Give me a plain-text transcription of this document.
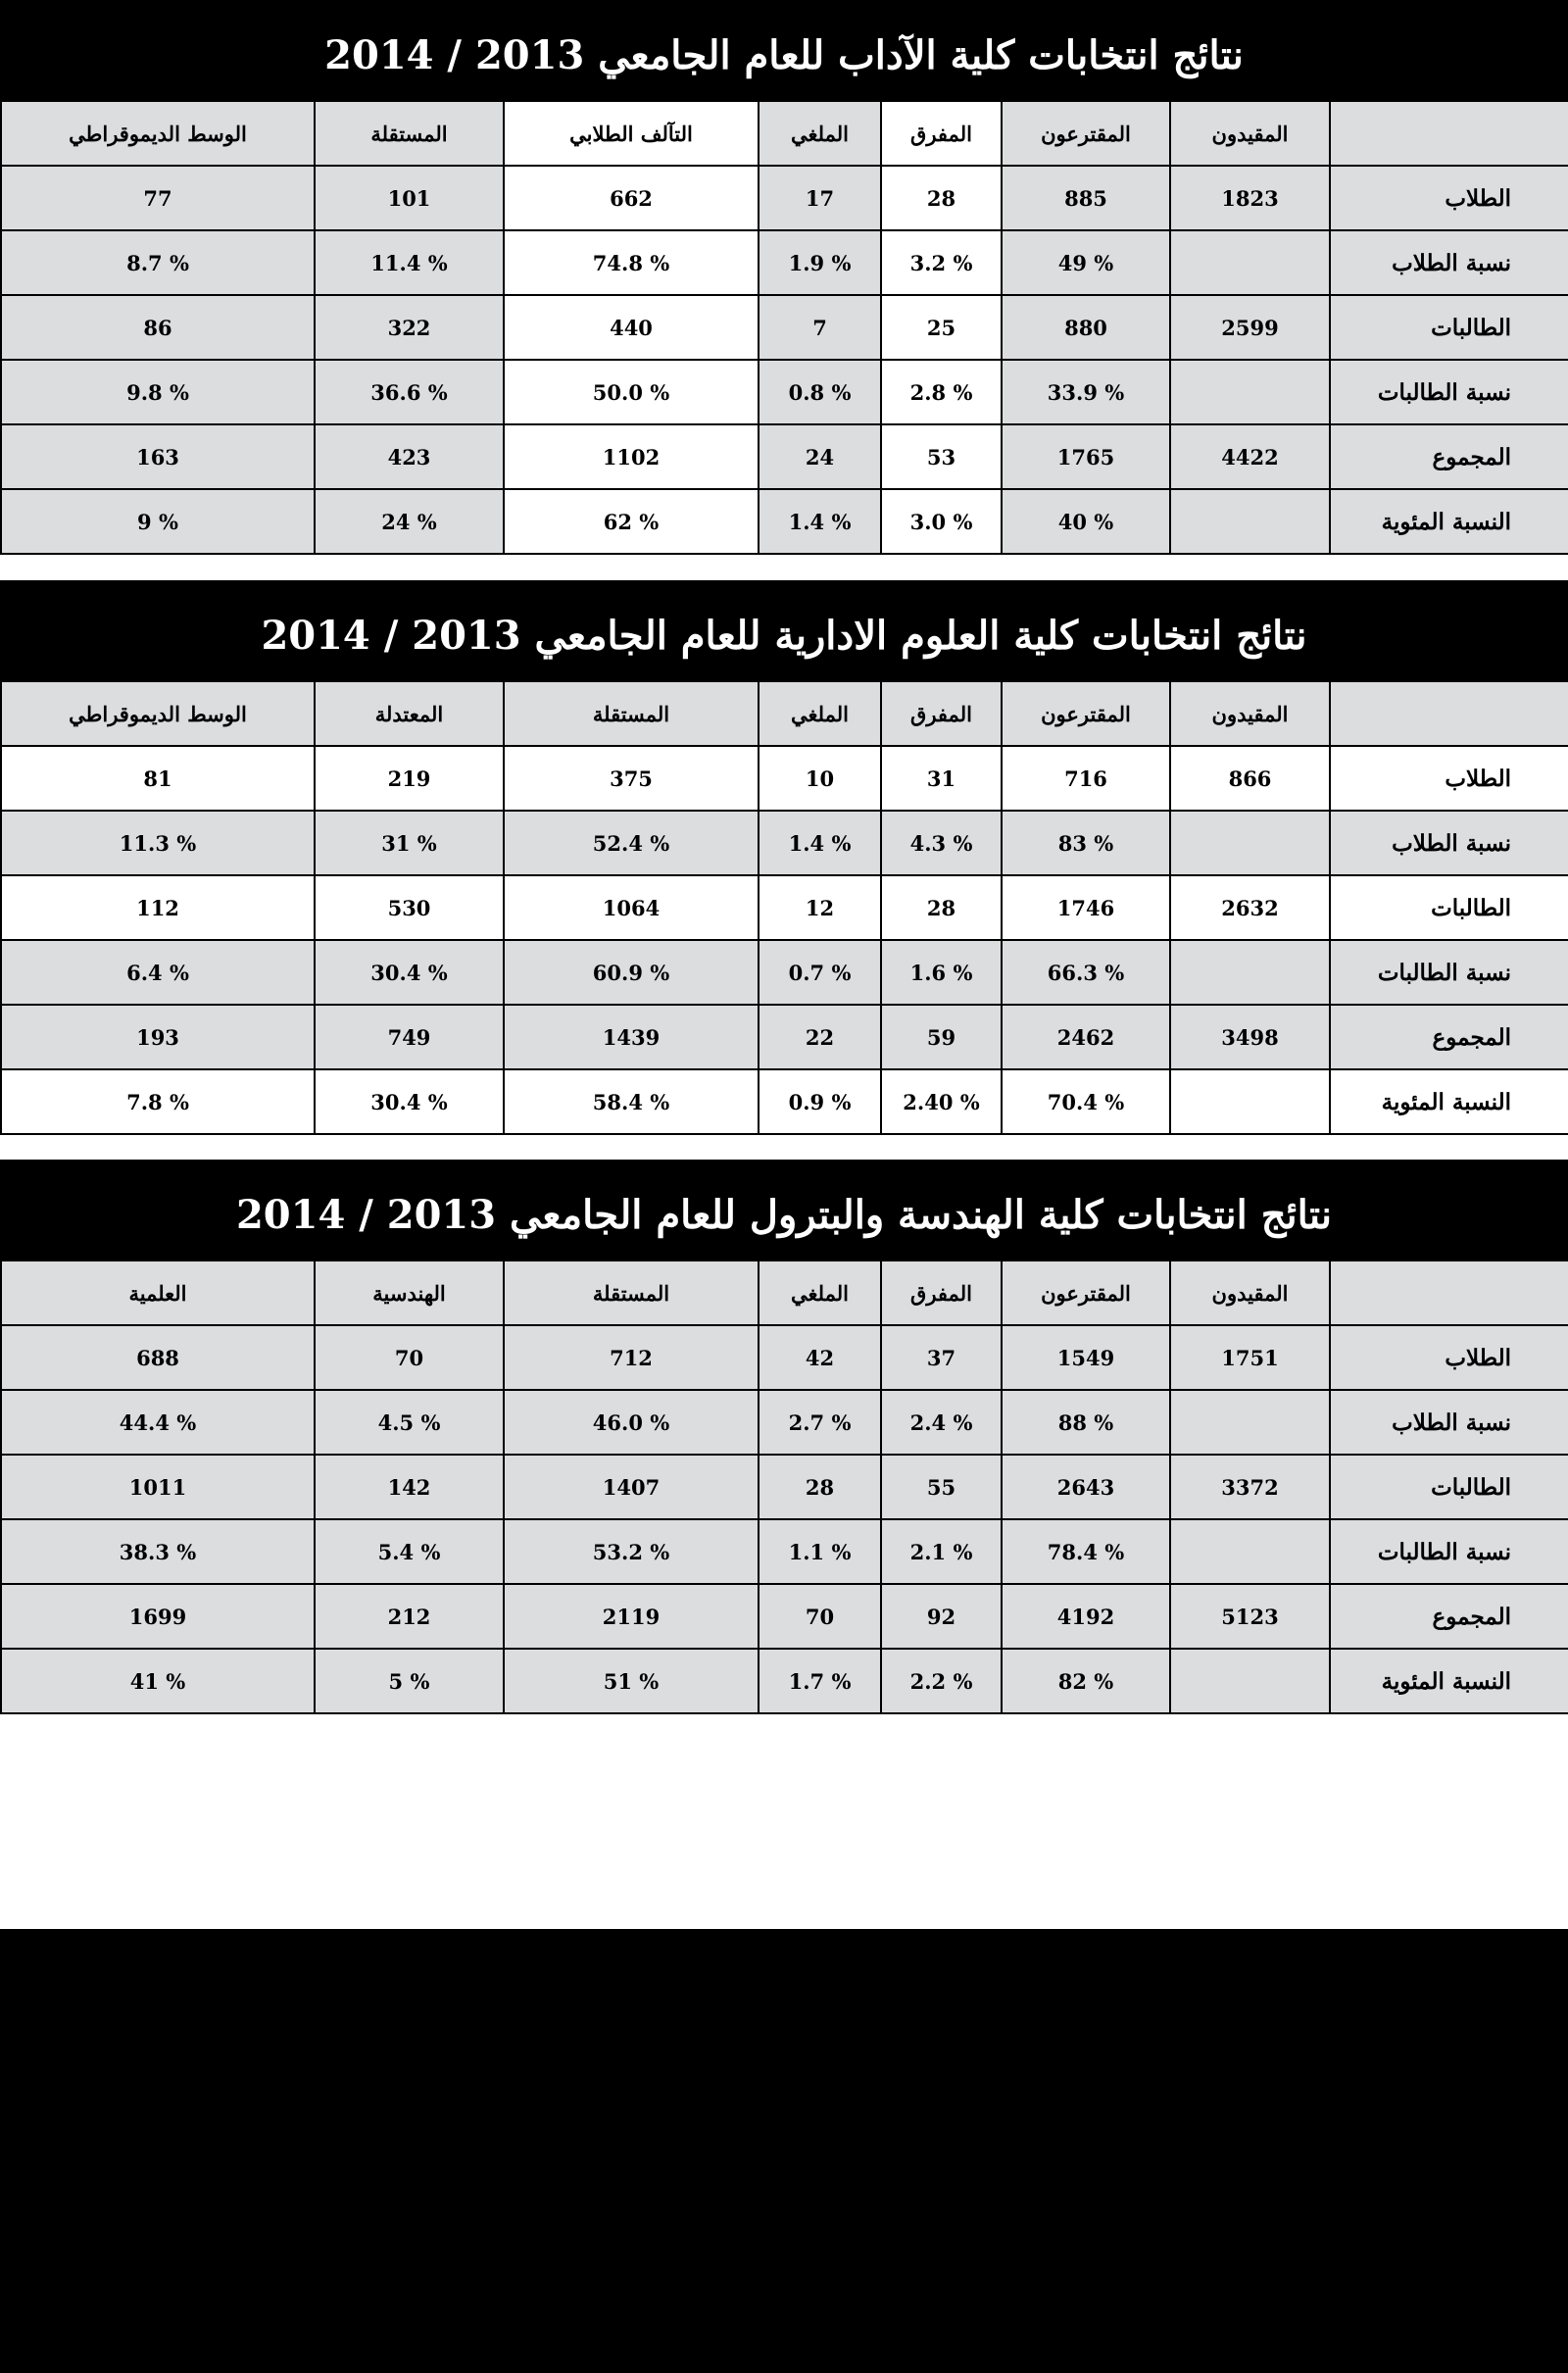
نتائج انتخابات كلية الآداب للعام الجامعي 2013 / 2014
الوسط الديموقراطي	المستقلة	التآلف الطلابي	الملغي	المفرق	المقترعون	المقيدون	
77	101	662	17	28	885	1823	الطلاب
% 8.7	% 11.4	% 74.8	% 1.9	% 3.2	% 49		نسبة الطلاب
86	322	440	7	25	880	2599	الطالبات
% 9.8	% 36.6	% 50.0	% 0.8	% 2.8	% 33.9		نسبة الطالبات
163	423	1102	24	53	1765	4422	المجموع
% 9	% 24	% 62	% 1.4	% 3.0	% 40		النسبة المئوية
نتائج انتخابات كلية العلوم الادارية للعام الجامعي 2013 / 2014
الوسط الديموقراطي	المعتدلة	المستقلة	الملغي	المفرق	المقترعون	المقيدون	
81	219	375	10	31	716	866	الطلاب
% 11.3	% 31	% 52.4	% 1.4	% 4.3	% 83		نسبة الطلاب
112	530	1064	12	28	1746	2632	الطالبات
% 6.4	% 30.4	% 60.9	% 0.7	% 1.6	% 66.3		نسبة الطالبات
193	749	1439	22	59	2462	3498	المجموع
% 7.8	% 30.4	% 58.4	% 0.9	% 2.40	% 70.4		النسبة المئوية
نتائج انتخابات كلية الهندسة والبترول للعام الجامعي 2013 / 2014
العلمية	الهندسية	المستقلة	الملغي	المفرق	المقترعون	المقيدون	
688	70	712	42	37	1549	1751	الطلاب
% 44.4	% 4.5	% 46.0	% 2.7	% 2.4	% 88		نسبة الطلاب
1011	142	1407	28	55	2643	3372	الطالبات
% 38.3	% 5.4	% 53.2	% 1.1	% 2.1	% 78.4		نسبة الطالبات
1699	212	2119	70	92	4192	5123	المجموع
% 41	% 5	% 51	% 1.7	% 2.2	% 82		النسبة المئوية
